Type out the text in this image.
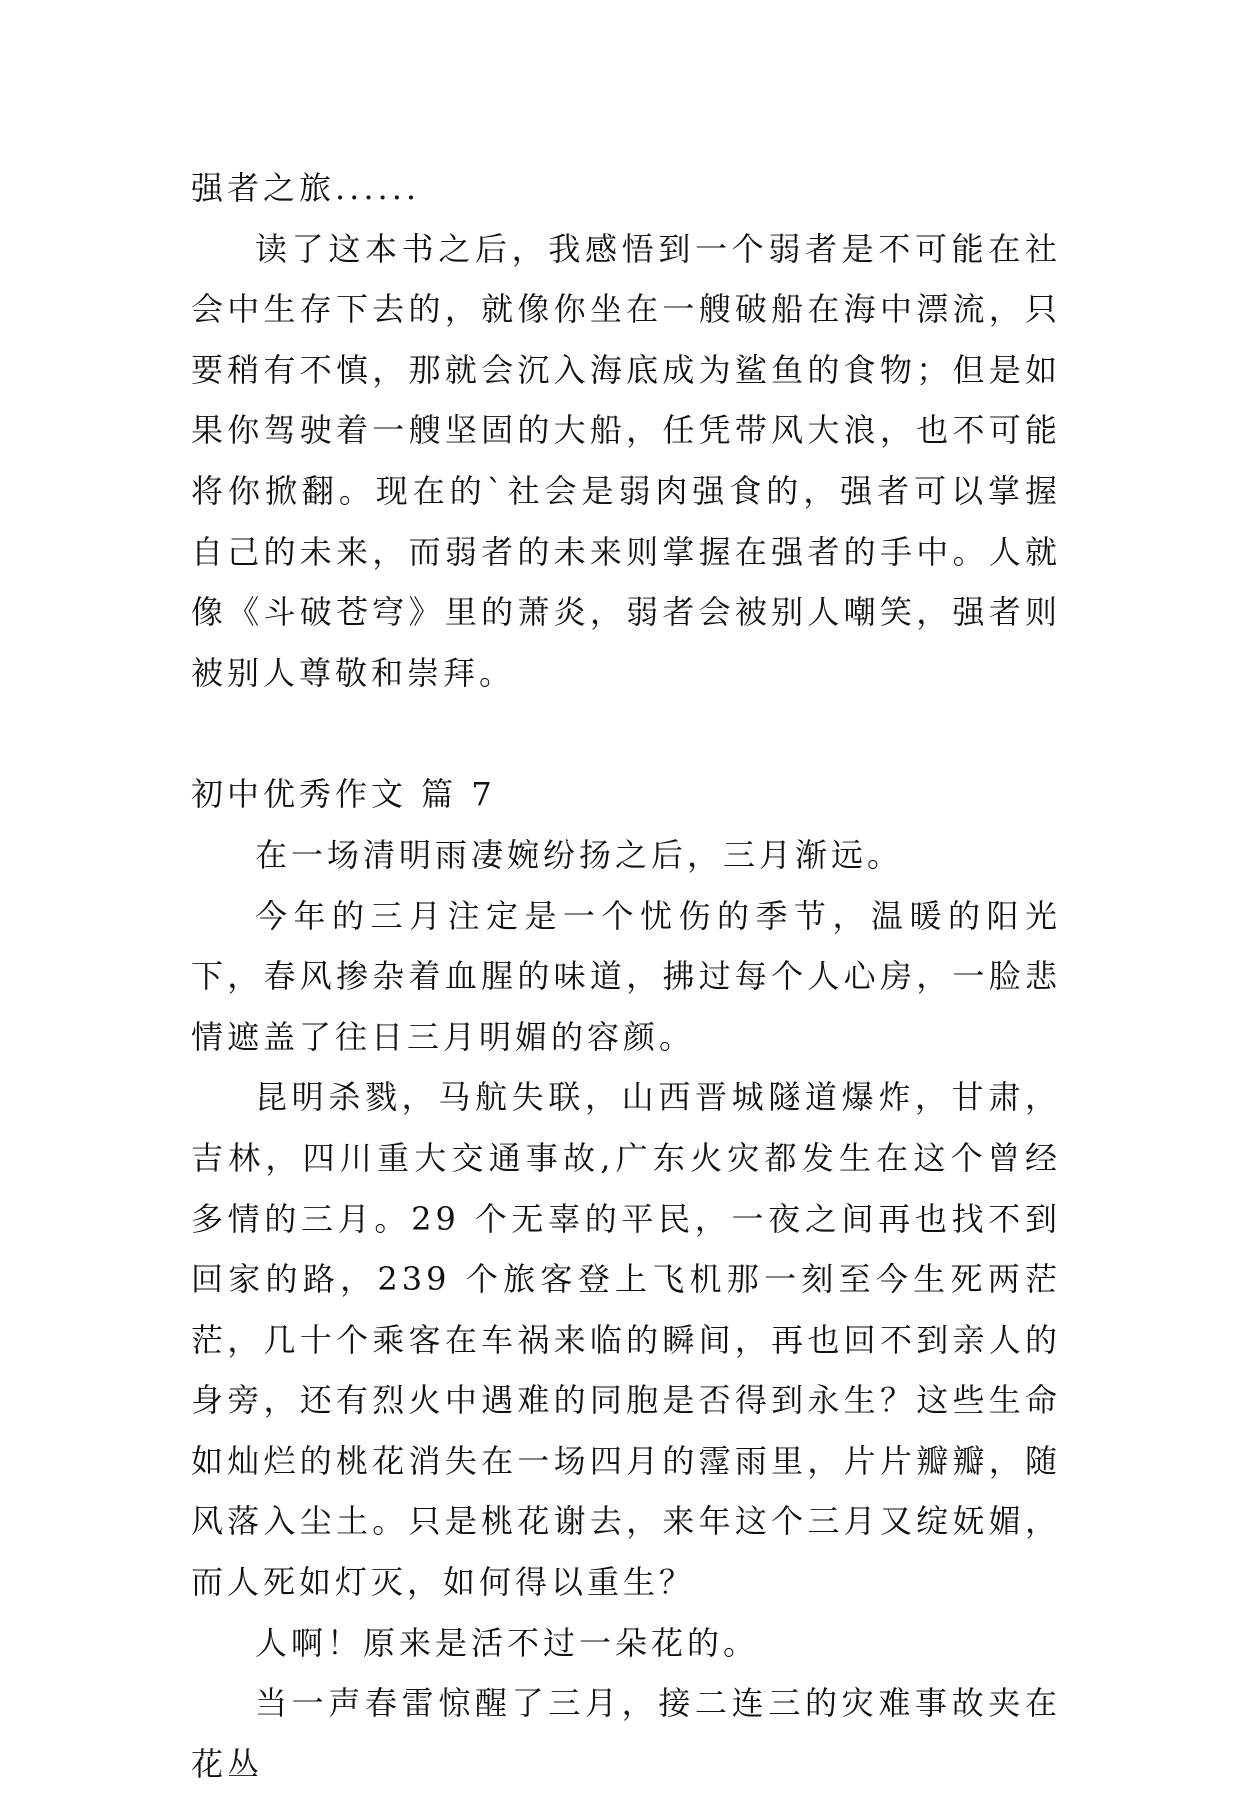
强者之旅......

读了这本书之后，我感悟到一个弱者是不可能在社会中生存下去的，就像你坐在一艘破船在海中漂流，只要稍有不慎，那就会沉入海底成为鲨鱼的食物；但是如果你驾驶着一艘坚固的大船，任凭带风大浪，也不可能将你掀翻。现在的`社会是弱肉强食的，强者可以掌握自己的未来，而弱者的未来则掌握在强者的手中。人就像《斗破苍穹》里的萧炎，弱者会被别人嘲笑，强者则被别人尊敬和崇拜。

初中优秀作文 篇 7

在一场清明雨凄婉纷扬之后，三月渐远。

今年的三月注定是一个忧伤的季节，温暖的阳光下，春风掺杂着血腥的味道，拂过每个人心房，一脸悲情遮盖了往日三月明媚的容颜。

昆明杀戮，马航失联，山西晋城隧道爆炸，甘肃，吉林，四川重大交通事故,广东火灾都发生在这个曾经多情的三月。29 个无辜的平民，一夜之间再也找不到回家的路，239 个旅客登上飞机那一刻至今生死两茫茫，几十个乘客在车祸来临的瞬间，再也回不到亲人的身旁，还有烈火中遇难的同胞是否得到永生？这些生命如灿烂的桃花消失在一场四月的霪雨里，片片瓣瓣，随风落入尘土。只是桃花谢去，来年这个三月又绽妩媚，而人死如灯灭，如何得以重生？

人啊！原来是活不过一朵花的。

当一声春雷惊醒了三月，接二连三的灾难事故夹在花丛
